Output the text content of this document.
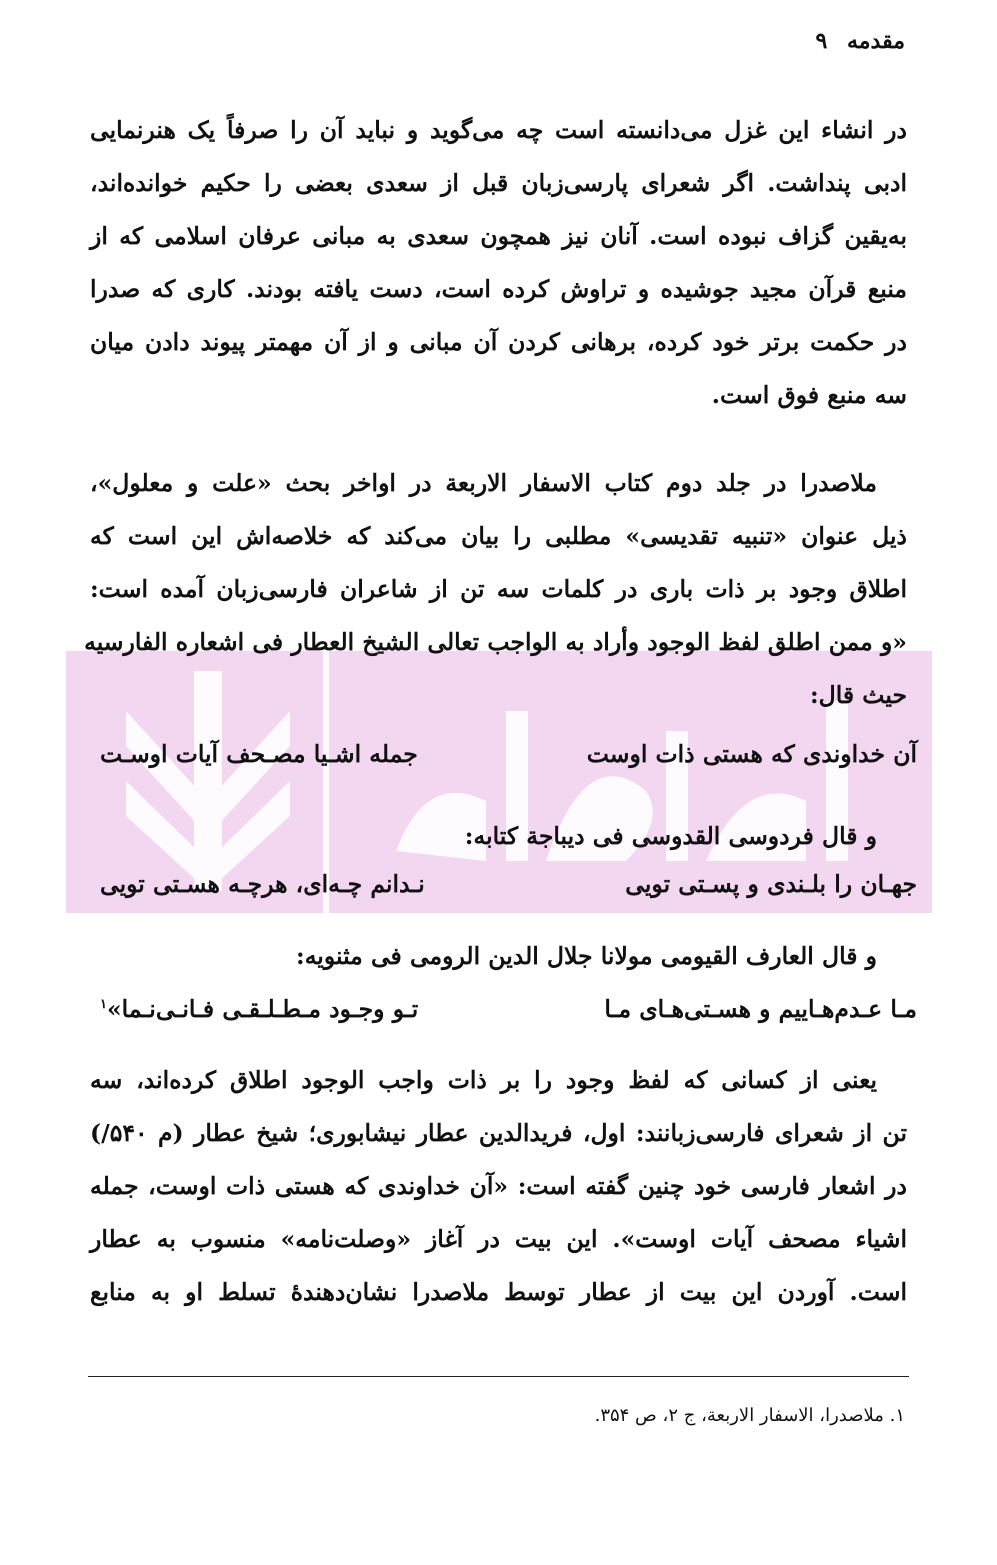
مقدمه ۹
در انشاء این غزل می‌دانسته است چه می‌گوید و نباید آن را صرفاً یک هنرنمایی
ادبی پنداشت. اگر شعرای پارسی‌زبان قبل از سعدی بعضی را حکیم خوانده‌اند،
به‌یقین گزاف نبوده است. آنان نیز همچون سعدی به مبانی عرفان اسلامی که از
منبع قرآن مجید جوشیده و تراوش کرده است، دست یافته بودند. کاری که صدرا
در حکمت برتر خود کرده، برهانی کردن آن مبانی و از آن مهمتر پیوند دادن میان
سه منبع فوق است.
ملاصدرا در جلد دوم کتاب الاسفار الاربعة در اواخر بحث «علت و معلول»،
ذیل عنوان «تنبیه تقدیسی» مطلبی را بیان می‌کند که خلاصه‌اش این است که
اطلاق وجود بر ذات باری در کلمات سه تن از شاعران فارسی‌زبان آمده است:
«و ممن اطلق لفظ الوجود وأراد به الواجب تعالی الشیخ العطار فی اشعاره الفارسیه
حیث قال:
آن خداوندی که هستی ذات اوست
جمله اشـیا مصـحف آیات اوسـت
و قال فردوسی القدوسی فی دیباجة کتابه:
جهـان را بلـندی و پسـتی تویی
نـدانم چـه‌ای، هرچـه هسـتی تویی
و قال العارف القیومی مولانا جلال الدین الرومی فی مثنویه:
مـا عـدم‌هـاییم و هسـتی‌هـای مـا
تـو وجـود مـطـلـقـی فـانـی‌نـما»$^۱$
یعنی از کسانی که لفظ وجود را بر ذات واجب الوجود اطلاق کرده‌اند، سه
تن از شعرای فارسی‌زبانند: اول، فریدالدین عطار نیشابوری؛ شیخ عطار (م ۵۴۰/)
در اشعار فارسی خود چنین گفته است: «آن خداوندی که هستی ذات اوست، جمله
اشیاء مصحف آیات اوست». این بیت در آغاز «وصلت‌نامه» منسوب به عطار
است. آوردن این بیت از عطار توسط ملاصدرا نشان‌دهندهٔ تسلط او به منابع
۱. ملاصدرا، الاسفار الاربعة، ج ۲، ص ۳۵۴.
